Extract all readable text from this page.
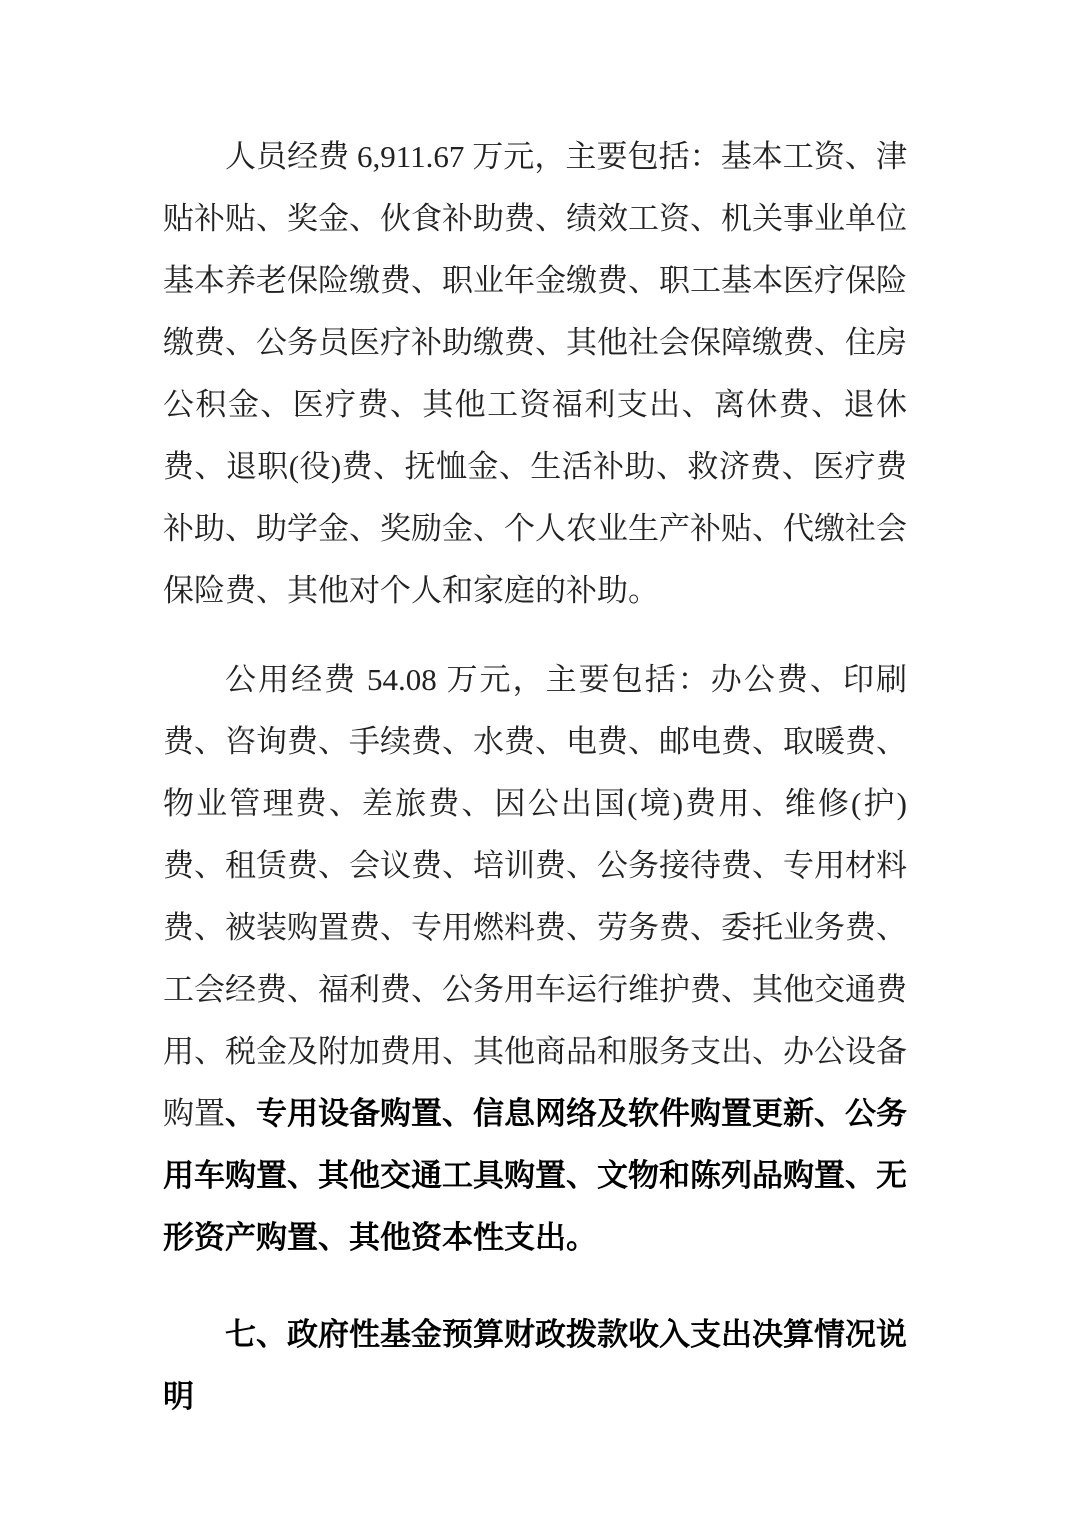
人员经费 6,911.67 万元，主要包括：基本工资、津贴补贴、奖金、伙食补助费、绩效工资、机关事业单位基本养老保险缴费、职业年金缴费、职工基本医疗保险缴费、公务员医疗补助缴费、其他社会保障缴费、住房公积金、医疗费、其他工资福利支出、离休费、退休费、退职(役)费、抚恤金、生活补助、救济费、医疗费补助、助学金、奖励金、个人农业生产补贴、代缴社会保险费、其他对个人和家庭的补助。

公用经费 54.08 万元，主要包括：办公费、印刷费、咨询费、手续费、水费、电费、邮电费、取暖费、物业管理费、差旅费、因公出国(境)费用、维修(护)费、租赁费、会议费、培训费、公务接待费、专用材料费、被装购置费、专用燃料费、劳务费、委托业务费、工会经费、福利费、公务用车运行维护费、其他交通费用、税金及附加费用、其他商品和服务支出、办公设备购置、专用设备购置、信息网络及软件购置更新、公务用车购置、其他交通工具购置、文物和陈列品购置、无形资产购置、其他资本性支出。

七、政府性基金预算财政拨款收入支出决算情况说明
